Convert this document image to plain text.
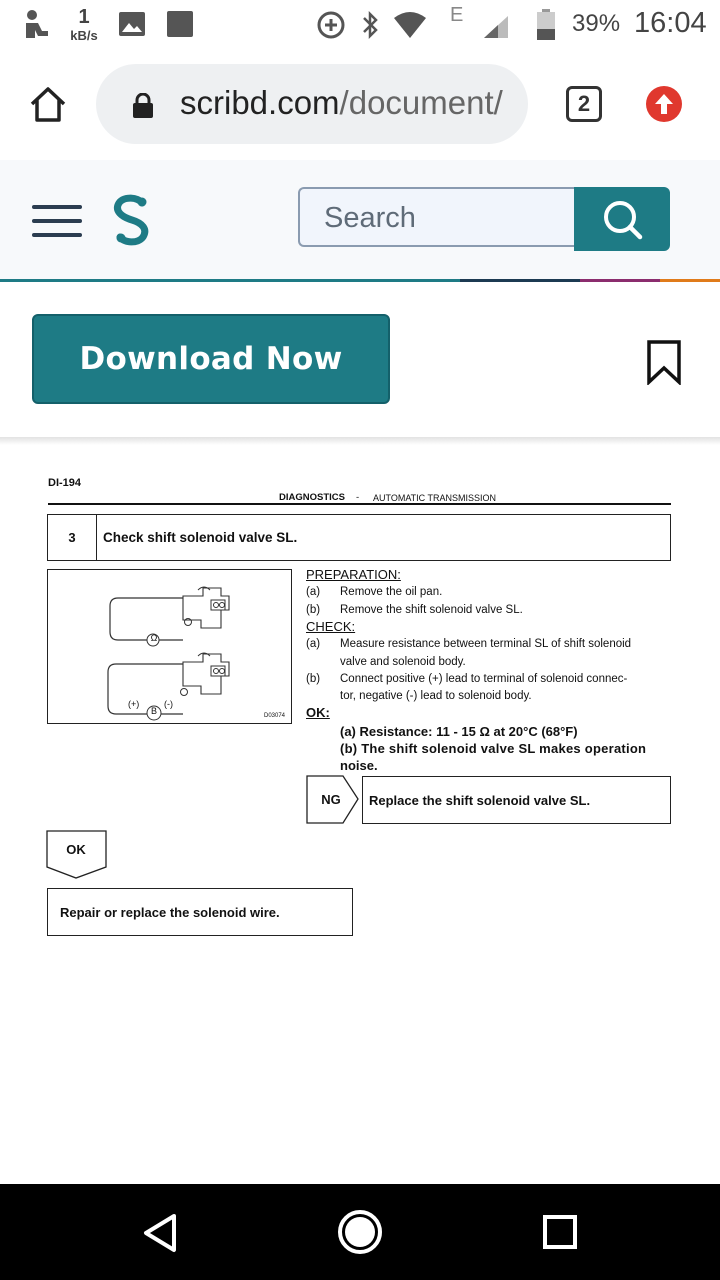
1
kB/s
E	39% 16:04
scribd.com/document/	2
Search
Download Now
DI-194
DIAGNOSTICS - AUTOMATIC TRANSMISSION
3	Check shift solenoid valve SL.
Ω
(+)
B
(-)
D03074
PREPARATION:
(a) Remove the oil pan.
(b) Remove the shift solenoid valve SL.
CHECK:
(a) Measure resistance between terminal SL of shift solenoid
valve and solenoid body.
(b) Connect positive (+) lead to terminal of solenoid connec-
tor, negative (-) lead to solenoid body.
OK:
(a) Resistance: 11 - 15 Ω at 20°C (68°F)
(b) The shift solenoid valve SL makes operation
noise.
NG	Replace the shift solenoid valve SL.
OK
Repair or replace the solenoid wire.
